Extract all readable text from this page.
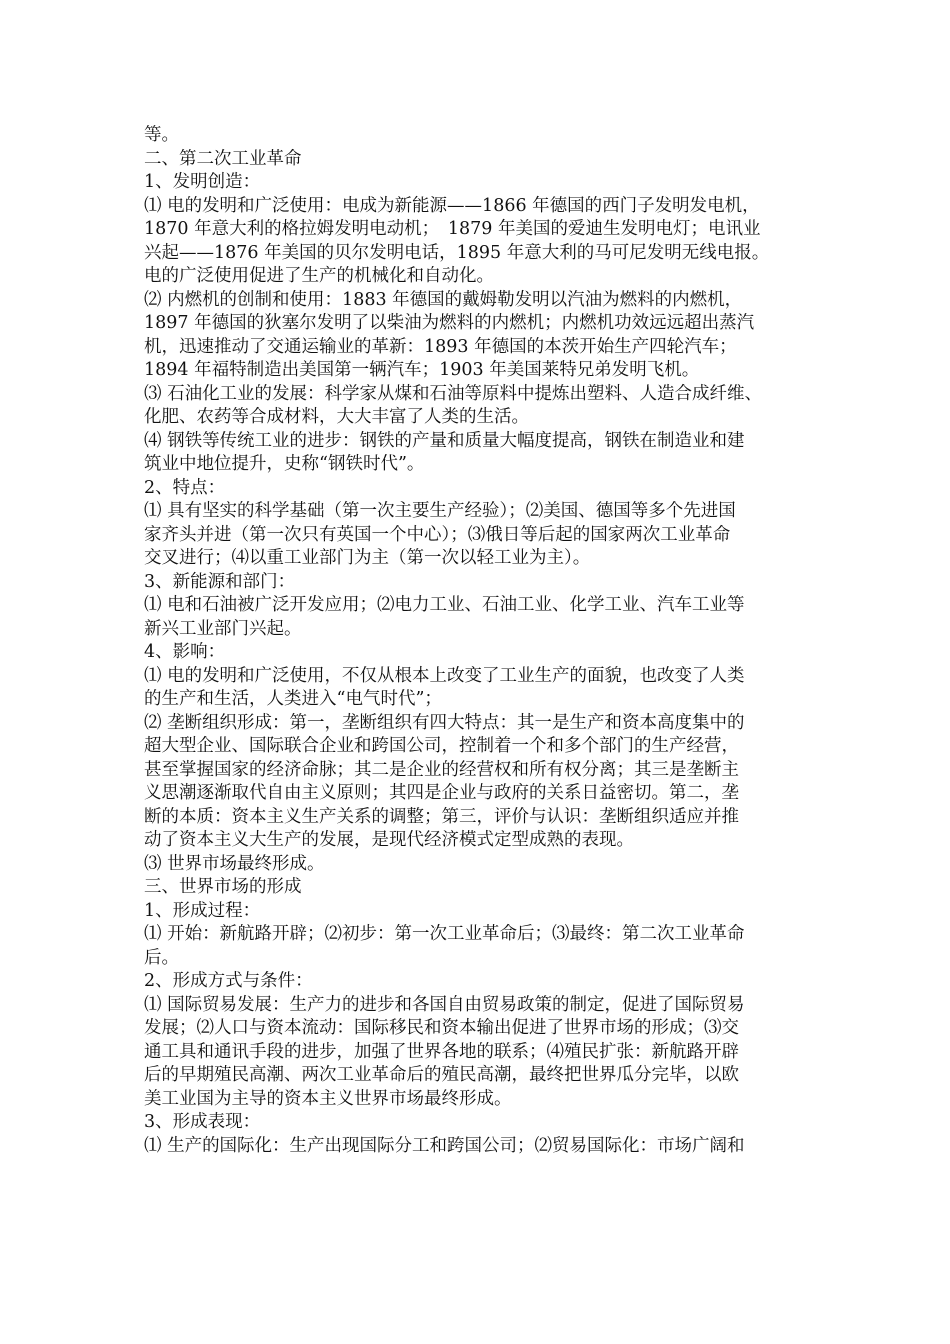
等。
二、第二次工业革命
1、发明创造：
⑴ 电的发明和广泛使用：电成为新能源——1866 年德国的西门子发明发电机，
1870 年意大利的格拉姆发明电动机；　1879 年美国的爱迪生发明电灯；电讯业
兴起——1876 年美国的贝尔发明电话，1895 年意大利的马可尼发明无线电报。
电的广泛使用促进了生产的机械化和自动化。
⑵ 内燃机的创制和使用：1883 年德国的戴姆勒发明以汽油为燃料的内燃机，
1897 年德国的狄塞尔发明了以柴油为燃料的内燃机；内燃机功效远远超出蒸汽
机，迅速推动了交通运输业的革新：1893 年德国的本茨开始生产四轮汽车；
1894 年福特制造出美国第一辆汽车；1903 年美国莱特兄弟发明飞机。
⑶ 石油化工业的发展：科学家从煤和石油等原料中提炼出塑料、人造合成纤维、
化肥、农药等合成材料，大大丰富了人类的生活。
⑷ 钢铁等传统工业的进步：钢铁的产量和质量大幅度提高，钢铁在制造业和建
筑业中地位提升，史称“钢铁时代”。
2、特点：
⑴ 具有坚实的科学基础（第一次主要生产经验）；⑵美国、德国等多个先进国
家齐头并进（第一次只有英国一个中心）；⑶俄日等后起的国家两次工业革命
交叉进行；⑷以重工业部门为主（第一次以轻工业为主）。
3、新能源和部门：
⑴ 电和石油被广泛开发应用；⑵电力工业、石油工业、化学工业、汽车工业等
新兴工业部门兴起。
4、影响：
⑴ 电的发明和广泛使用，不仅从根本上改变了工业生产的面貌，也改变了人类
的生产和生活，人类进入“电气时代”；
⑵ 垄断组织形成：第一，垄断组织有四大特点：其一是生产和资本高度集中的
超大型企业、国际联合企业和跨国公司，控制着一个和多个部门的生产经营，
甚至掌握国家的经济命脉；其二是企业的经营权和所有权分离；其三是垄断主
义思潮逐渐取代自由主义原则；其四是企业与政府的关系日益密切。第二，垄
断的本质：资本主义生产关系的调整；第三，评价与认识：垄断组织适应并推
动了资本主义大生产的发展，是现代经济模式定型成熟的表现。
⑶ 世界市场最终形成。
三、世界市场的形成
1、形成过程：
⑴ 开始：新航路开辟；⑵初步：第一次工业革命后；⑶最终：第二次工业革命
后。
2、形成方式与条件：
⑴ 国际贸易发展：生产力的进步和各国自由贸易政策的制定，促进了国际贸易
发展；⑵人口与资本流动：国际移民和资本输出促进了世界市场的形成；⑶交
通工具和通讯手段的进步，加强了世界各地的联系；⑷殖民扩张：新航路开辟
后的早期殖民高潮、两次工业革命后的殖民高潮，最终把世界瓜分完毕，以欧
美工业国为主导的资本主义世界市场最终形成。
3、形成表现：
⑴ 生产的国际化：生产出现国际分工和跨国公司；⑵贸易国际化：市场广阔和
